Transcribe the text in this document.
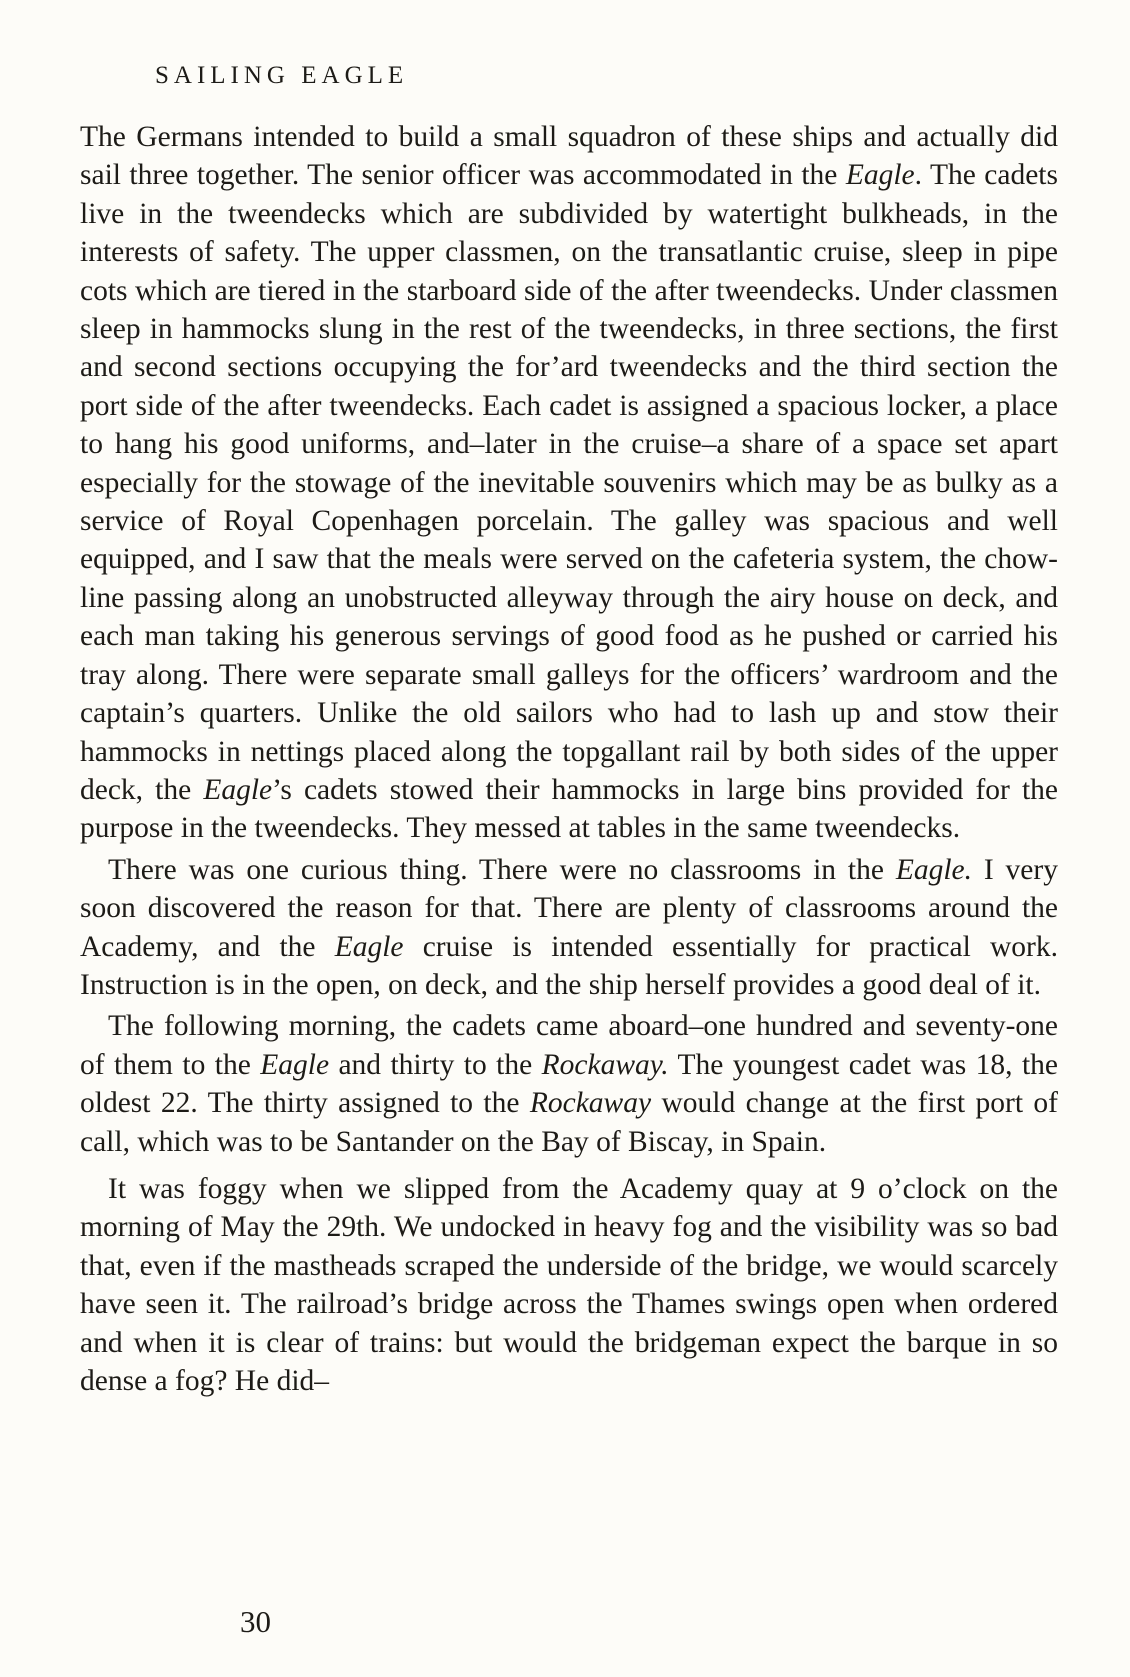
SAILING EAGLE

The Germans intended to build a small squadron of these ships and actually did sail three together. The senior officer was accommodated in the Eagle. The cadets live in the tweendecks which are subdivided by watertight bulkheads, in the interests of safety. The upper classmen, on the transatlantic cruise, sleep in pipe cots which are tiered in the starboard side of the after tweendecks. Under classmen sleep in hammocks slung in the rest of the tweendecks, in three sections, the first and second sections occupying the for’ard tweendecks and the third section the port side of the after tweendecks. Each cadet is assigned a spacious locker, a place to hang his good uniforms, and–later in the cruise–a share of a space set apart especially for the stowage of the inevitable souvenirs which may be as bulky as a service of Royal Copenhagen porcelain. The galley was spacious and well equipped, and I saw that the meals were served on the cafeteria system, the chow-line passing along an unobstructed alleyway through the airy house on deck, and each man taking his generous servings of good food as he pushed or carried his tray along. There were separate small galleys for the officers’ wardroom and the captain’s quarters. Unlike the old sailors who had to lash up and stow their hammocks in nettings placed along the topgallant rail by both sides of the upper deck, the Eagle’s cadets stowed their hammocks in large bins provided for the purpose in the tweendecks. They messed at tables in the same tweendecks.

There was one curious thing. There were no classrooms in the Eagle. I very soon discovered the reason for that. There are plenty of classrooms around the Academy, and the Eagle cruise is intended essentially for practical work. Instruction is in the open, on deck, and the ship herself provides a good deal of it.

The following morning, the cadets came aboard–one hundred and seventy-one of them to the Eagle and thirty to the Rockaway. The youngest cadet was 18, the oldest 22. The thirty assigned to the Rockaway would change at the first port of call, which was to be Santander on the Bay of Biscay, in Spain.

It was foggy when we slipped from the Academy quay at 9 o’clock on the morning of May the 29th. We undocked in heavy fog and the visibility was so bad that, even if the mastheads scraped the underside of the bridge, we would scarcely have seen it. The railroad’s bridge across the Thames swings open when ordered and when it is clear of trains: but would the bridgeman expect the barque in so dense a fog? He did–

30
